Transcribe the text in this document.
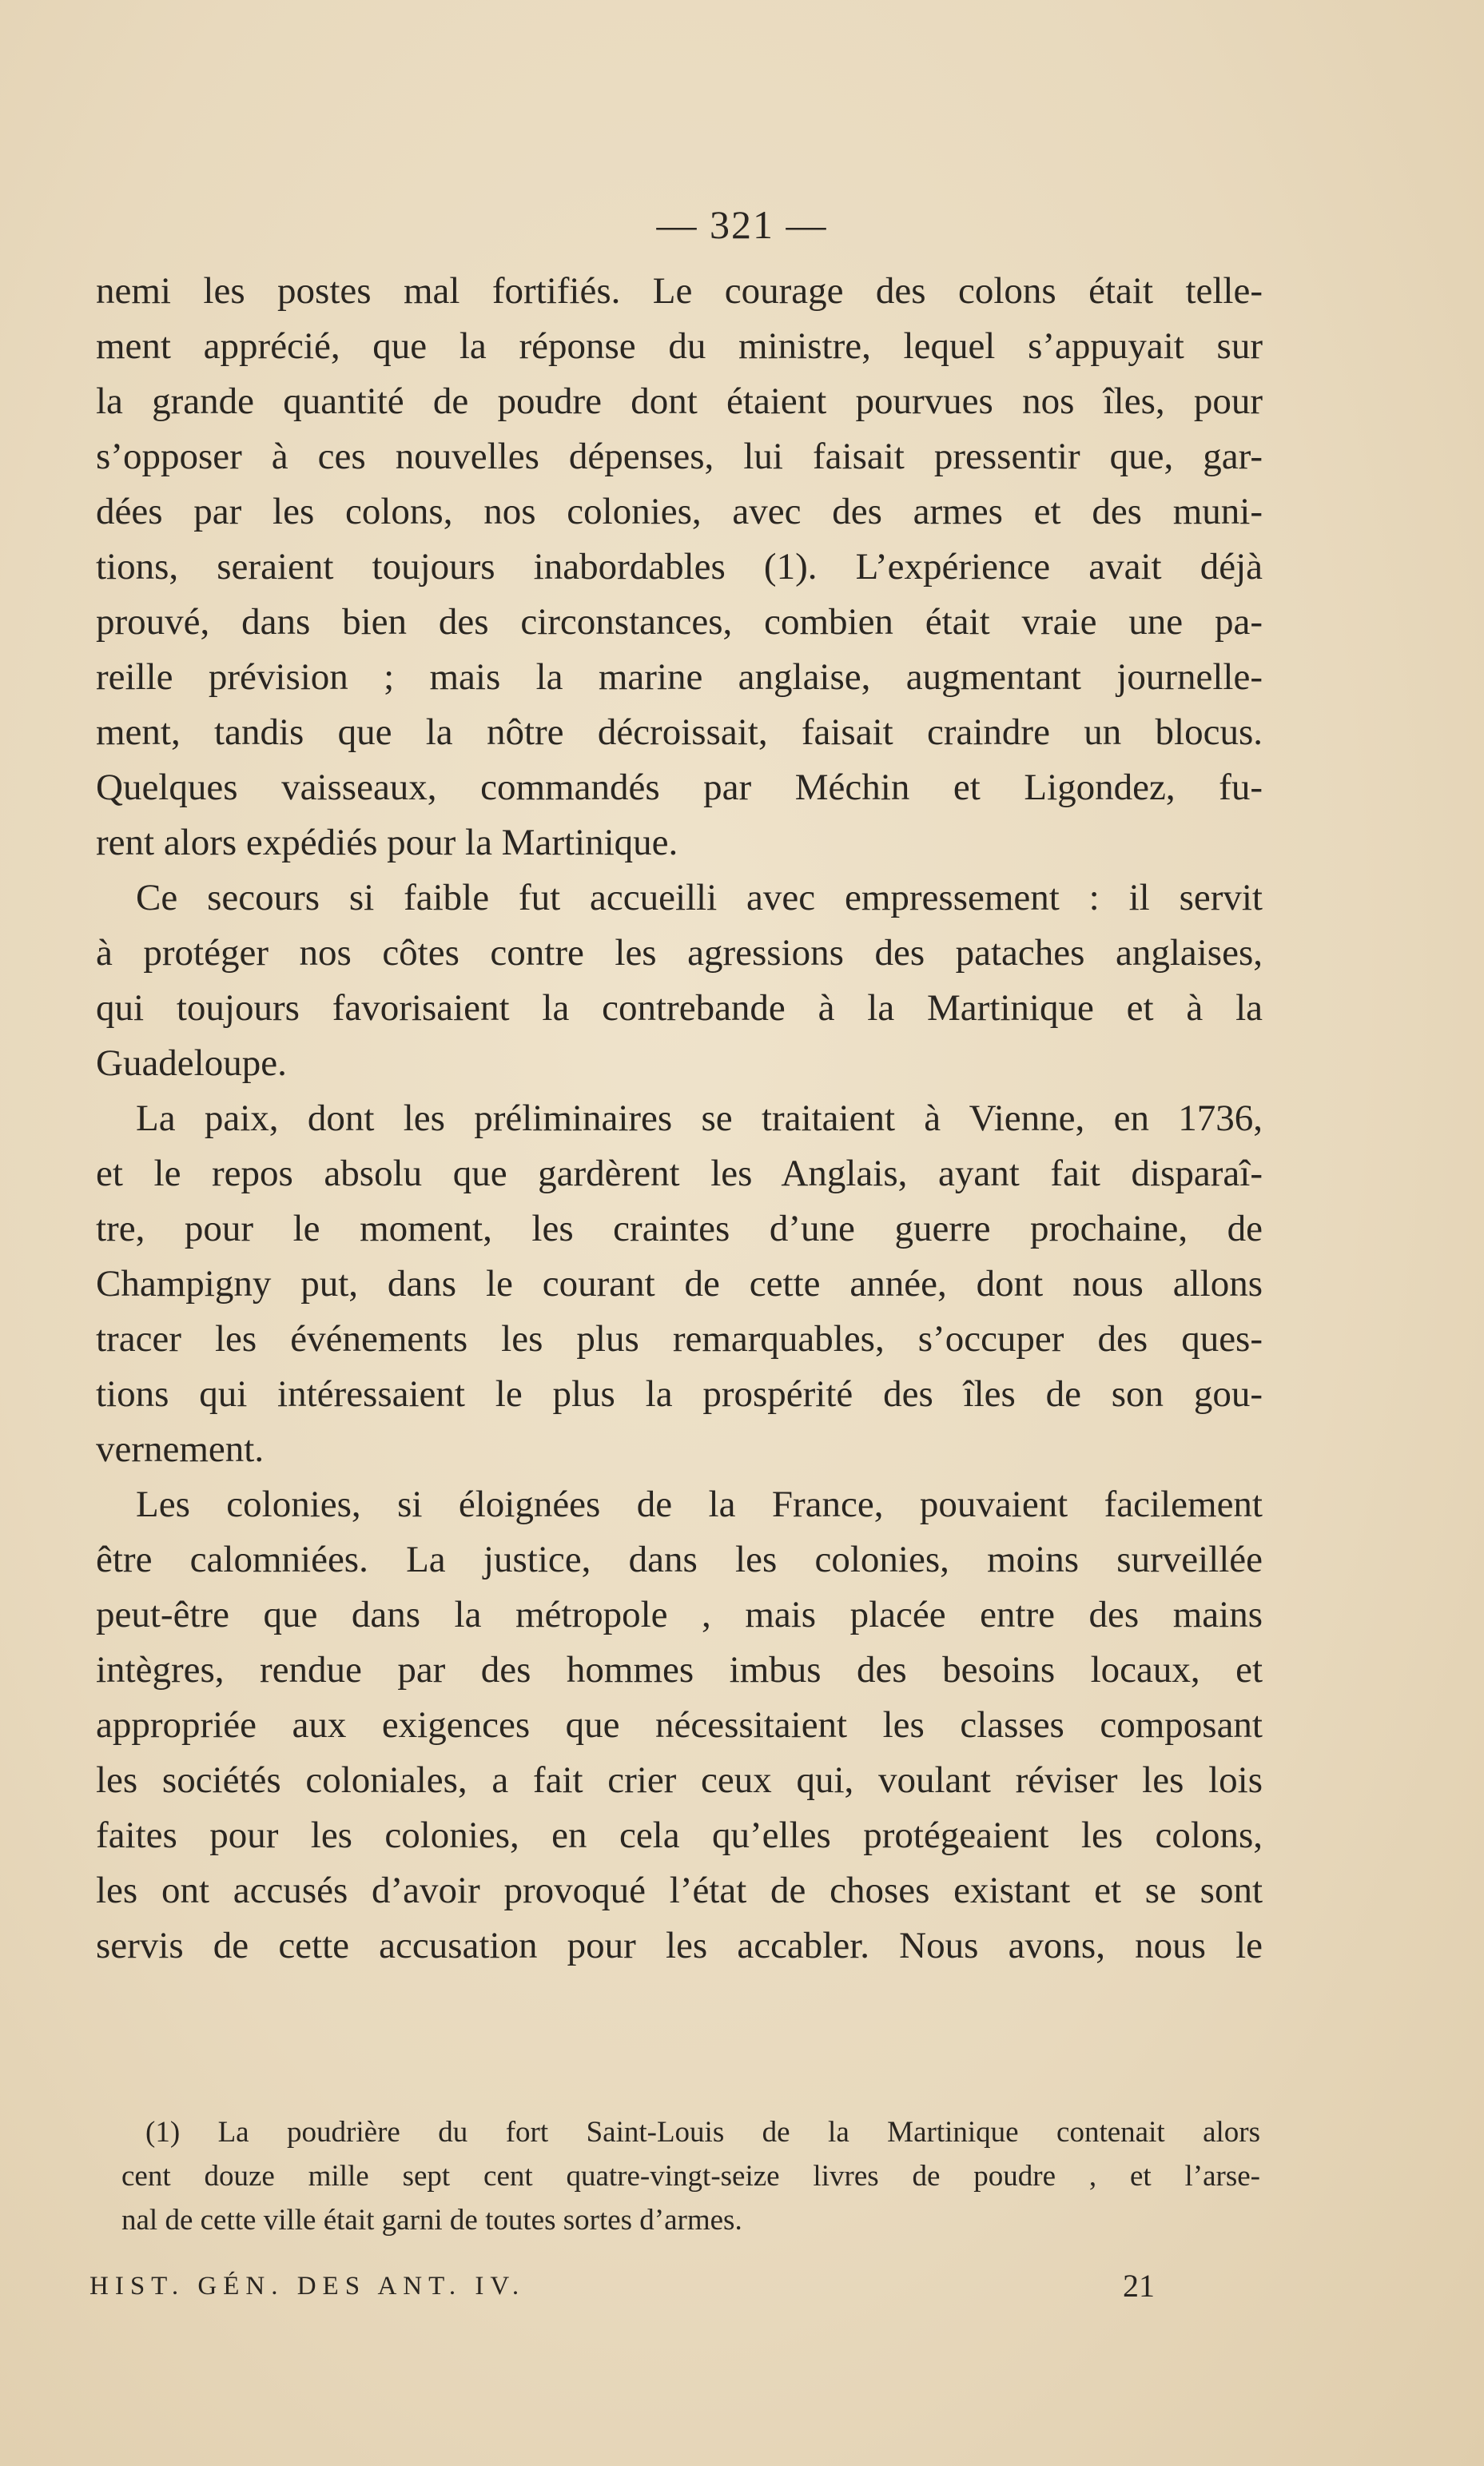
— 321 —
nemi les postes mal fortifiés. Le courage des colons était telle-
ment apprécié, que la réponse du ministre, lequel s’appuyait sur
la grande quantité de poudre dont étaient pourvues nos îles, pour
s’opposer à ces nouvelles dépenses, lui faisait pressentir que, gar-
dées par les colons, nos colonies, avec des armes et des muni-
tions, seraient toujours inabordables (1). L’expérience avait déjà
prouvé, dans bien des circonstances, combien était vraie une pa-
reille prévision ; mais la marine anglaise, augmentant journelle-
ment, tandis que la nôtre décroissait, faisait craindre un blocus.
Quelques vaisseaux, commandés par Méchin et Ligondez, fu-
rent alors expédiés pour la Martinique.
Ce secours si faible fut accueilli avec empressement : il servit
à protéger nos côtes contre les agressions des pataches anglaises,
qui toujours favorisaient la contrebande à la Martinique et à la
Guadeloupe.
La paix, dont les préliminaires se traitaient à Vienne, en 1736,
et le repos absolu que gardèrent les Anglais, ayant fait disparaî-
tre, pour le moment, les craintes d’une guerre prochaine, de
Champigny put, dans le courant de cette année, dont nous allons
tracer les événements les plus remarquables, s’occuper des ques-
tions qui intéressaient le plus la prospérité des îles de son gou-
vernement.
Les colonies, si éloignées de la France, pouvaient facilement
être calomniées. La justice, dans les colonies, moins surveillée
peut-être que dans la métropole , mais placée entre des mains
intègres, rendue par des hommes imbus des besoins locaux, et
appropriée aux exigences que nécessitaient les classes composant
les sociétés coloniales, a fait crier ceux qui, voulant réviser les lois
faites pour les colonies, en cela qu’elles protégeaient les colons,
les ont accusés d’avoir provoqué l’état de choses existant et se sont
servis de cette accusation pour les accabler. Nous avons, nous le
(1) La poudrière du fort Saint-Louis de la Martinique contenait alors
cent douze mille sept cent quatre-vingt-seize livres de poudre , et l’arse-
nal de cette ville était garni de toutes sortes d’armes.
HIST. GÉN. DES ANT. IV.	21
